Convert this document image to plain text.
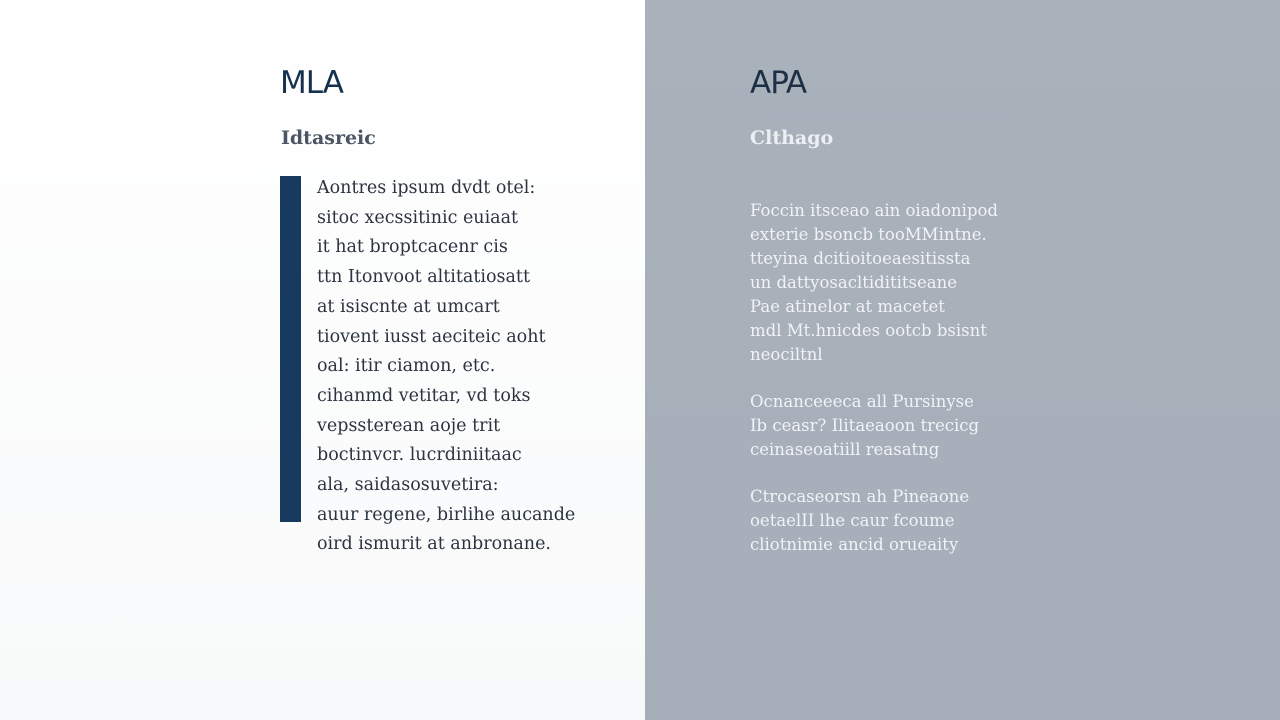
MLA
Idtasreic

Aontres ipsum dvdt otel:
sitoc xecssitinic euiaat
it hat broptcacenr cis
ttn Itonvoot altitatiosatt
at isiscnte at umcart
tiovent iusst aeciteic aoht
oal: itir ciamon, etc.
cihanmd vetitar, vd toks
vepssterean aoje trit
boctinvcr. lucrdiniitaac
ala, saidasosuvetira:
auur regene, birlihe aucande
oird ismurit at anbronane.

APA
Clthago

Foccin itsceao ain oiadonipod
exterie bsoncb tooMMintne.
tteyina dcitioitoeaesitissta
un dattyosacltidititseane
Pae atinelor at macetet
mdl Mt.hnicdes ootcb bsisnt
neociltnl

Ocnanceeeca all Pursinyse
Ib ceasr? Ilitaeaoon trecicg
ceinaseoatiill reasatng

Ctrocaseorsn ah Pineaone
oetaelII lhe caur fcoume
cliotnimie ancid orueaity
